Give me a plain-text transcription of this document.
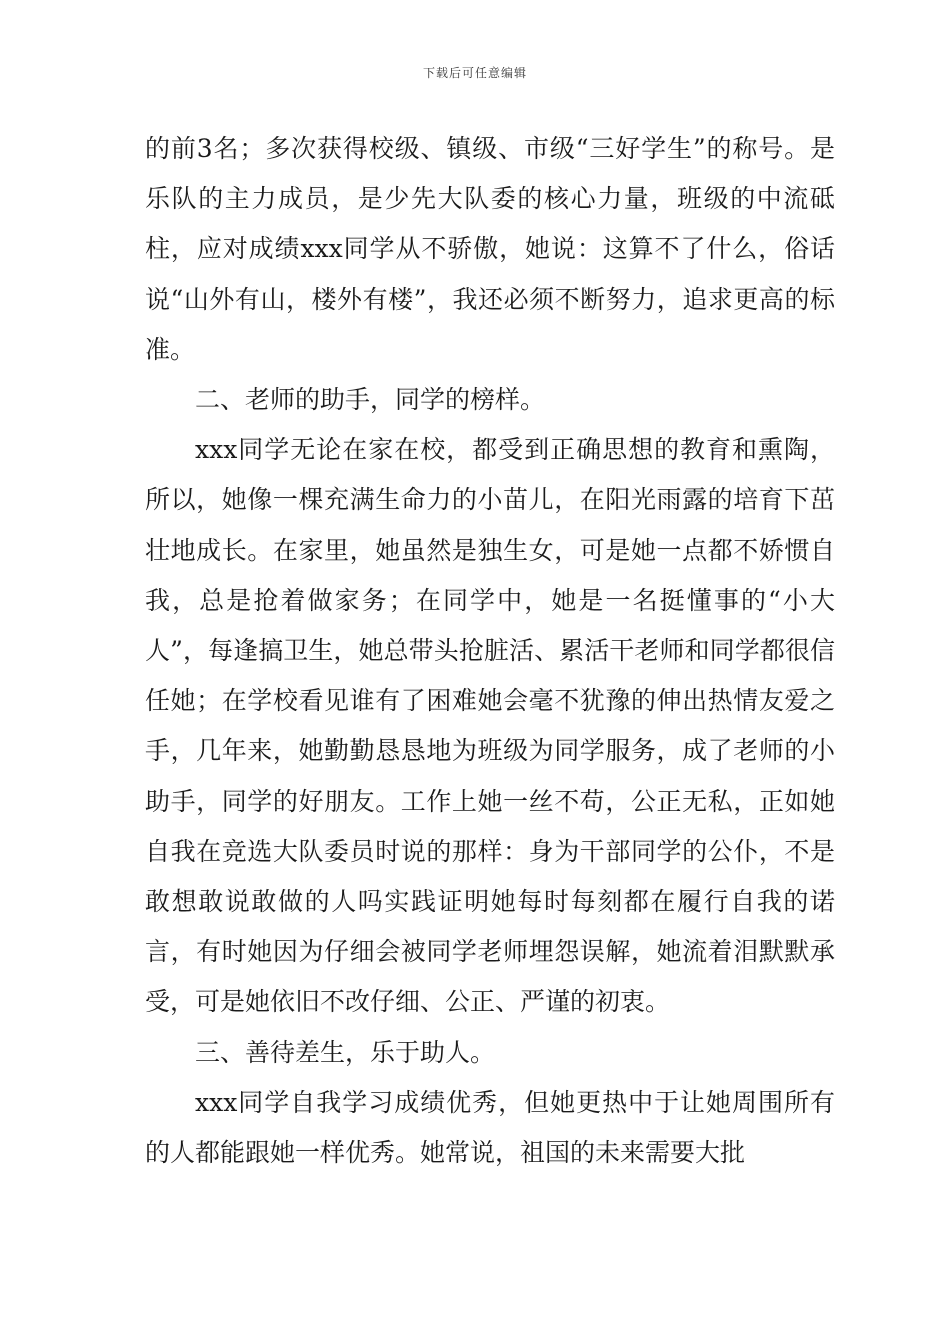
下载后可任意编辑

的前3名；多次获得校级、镇级、市级“三好学生”的称号。是乐队的主力成员，是少先大队委的核心力量，班级的中流砥柱，应对成绩xxx同学从不骄傲，她说：这算不了什么，俗话说“山外有山，楼外有楼”，我还必须不断努力，追求更高的标准。

二、老师的助手，同学的榜样。

xxx同学无论在家在校，都受到正确思想的教育和熏陶，所以，她像一棵充满生命力的小苗儿，在阳光雨露的培育下茁壮地成长。在家里，她虽然是独生女，可是她一点都不娇惯自我，总是抢着做家务；在同学中，她是一名挺懂事的“小大人”，每逢搞卫生，她总带头抢脏活、累活干老师和同学都很信任她；在学校看见谁有了困难她会毫不犹豫的伸出热情友爱之手，几年来，她勤勤恳恳地为班级为同学服务，成了老师的小助手，同学的好朋友。工作上她一丝不苟，公正无私，正如她自我在竞选大队委员时说的那样：身为干部同学的公仆，不是敢想敢说敢做的人吗实践证明她每时每刻都在履行自我的诺言，有时她因为仔细会被同学老师埋怨误解，她流着泪默默承受，可是她依旧不改仔细、公正、严谨的初衷。

三、善待差生，乐于助人。

xxx同学自我学习成绩优秀，但她更热中于让她周围所有的人都能跟她一样优秀。她常说，祖国的未来需要大批
